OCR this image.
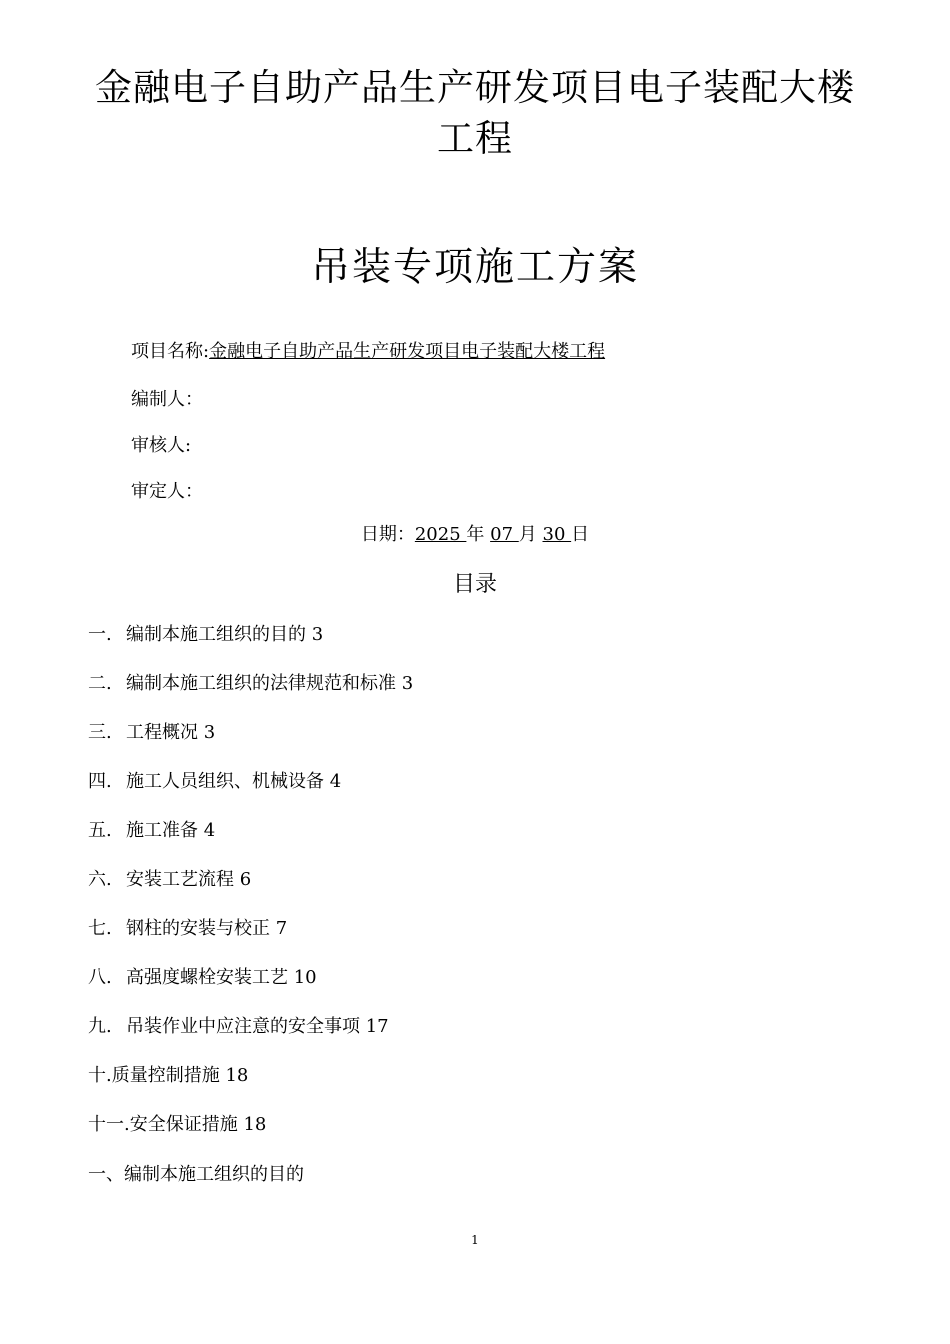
金融电子自助产品生产研发项目电子装配大楼
工程
吊装专项施工方案
项目名称:金融电子自助产品生产研发项目电子装配大楼工程
编制人：
审核人:
审定人：
日期：2025 年 07 月 30 日
目录
一. 编制本施工组织的目的 3
二. 编制本施工组织的法律规范和标准 3
三. 工程概况 3
四. 施工人员组织、机械设备 4
五. 施工准备 4
六. 安装工艺流程 6
七. 钢柱的安装与校正 7
八. 高强度螺栓安装工艺 10
九. 吊装作业中应注意的安全事项 17
十.质量控制措施 18
十一.安全保证措施 18
一、编制本施工组织的目的
1
